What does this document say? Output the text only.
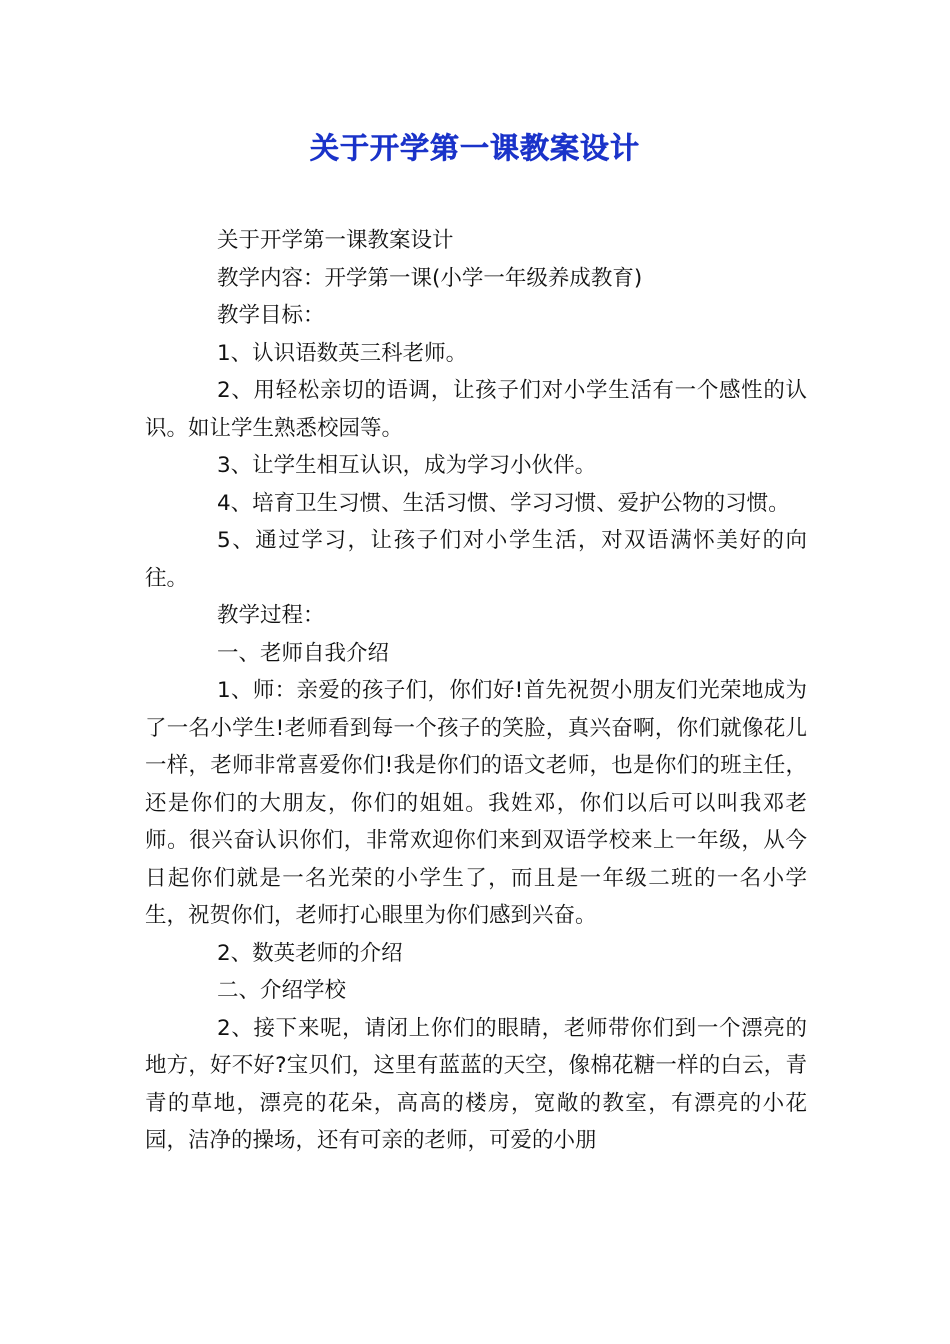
关于开学第一课教案设计

关于开学第一课教案设计

教学内容：开学第一课(小学一年级养成教育)

教学目标：

1、认识语数英三科老师。

2、用轻松亲切的语调，让孩子们对小学生活有一个感性的认识。如让学生熟悉校园等。

3、让学生相互认识，成为学习小伙伴。

4、培育卫生习惯、生活习惯、学习习惯、爱护公物的习惯。

5、通过学习，让孩子们对小学生活，对双语满怀美好的向往。

教学过程：

一、老师自我介绍

1、师：亲爱的孩子们，你们好!首先祝贺小朋友们光荣地成为了一名小学生!老师看到每一个孩子的笑脸，真兴奋啊，你们就像花儿一样，老师非常喜爱你们!我是你们的语文老师，也是你们的班主任，还是你们的大朋友，你们的姐姐。我姓邓，你们以后可以叫我邓老师。很兴奋认识你们，非常欢迎你们来到双语学校来上一年级，从今日起你们就是一名光荣的小学生了，而且是一年级二班的一名小学生，祝贺你们，老师打心眼里为你们感到兴奋。

2、数英老师的介绍

二、介绍学校

2、接下来呢，请闭上你们的眼睛，老师带你们到一个漂亮的地方，好不好?宝贝们，这里有蓝蓝的天空，像棉花糖一样的白云，青青的草地，漂亮的花朵，高高的楼房，宽敞的教室，有漂亮的小花园，洁净的操场，还有可亲的老师，可爱的小朋
